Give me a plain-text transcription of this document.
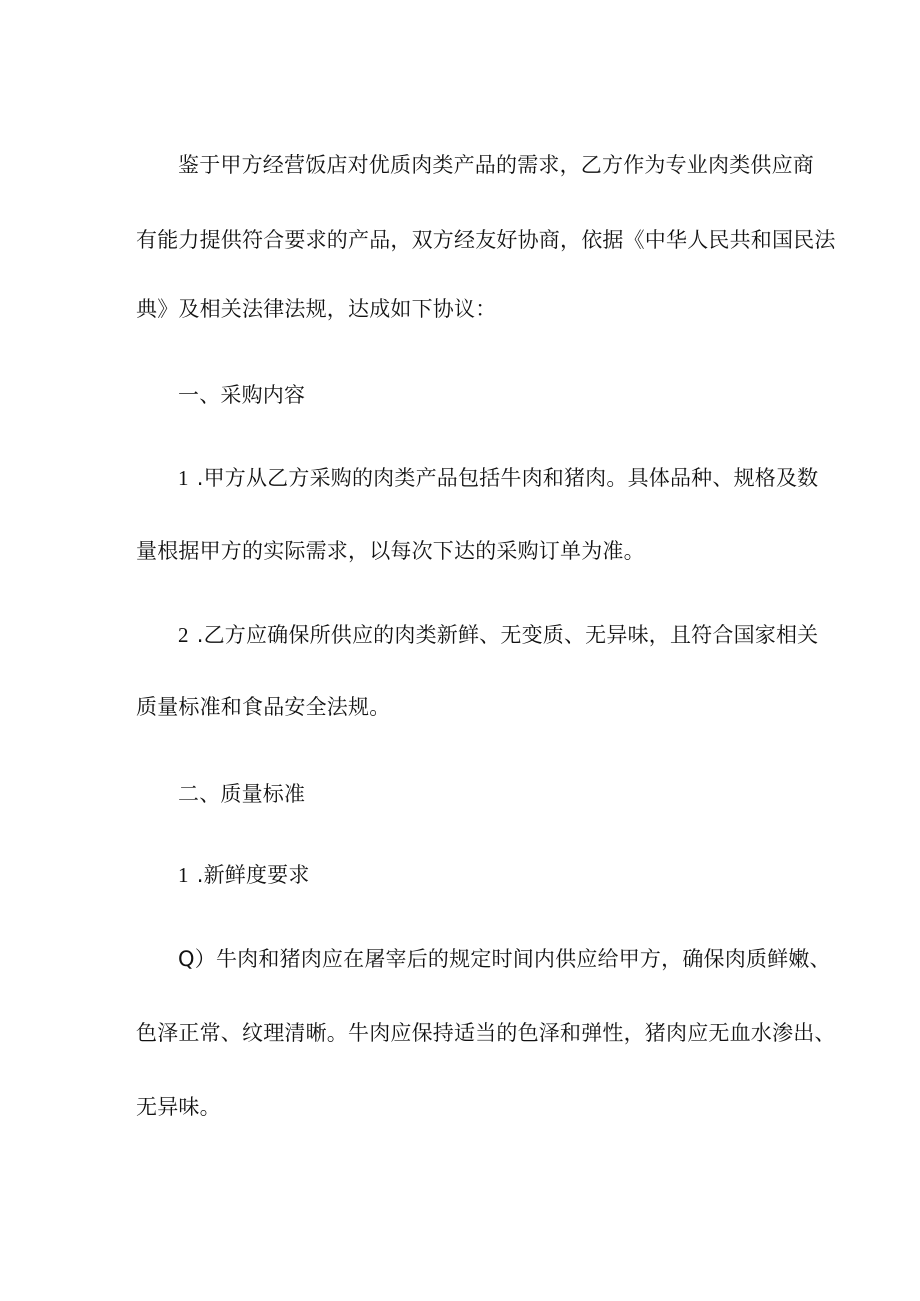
鉴于甲方经营饭店对优质肉类产品的需求，乙方作为专业肉类供应商
有能力提供符合要求的产品，双方经友好协商，依据《中华人民共和国民法
典》及相关法律法规，达成如下协议：
一、采购内容
1 .甲方从乙方采购的肉类产品包括牛肉和猪肉。具体品种、规格及数
量根据甲方的实际需求，以每次下达的采购订单为准。
2 .乙方应确保所供应的肉类新鲜、无变质、无异味，且符合国家相关
质量标准和食品安全法规。
二、质量标准
1 .新鲜度要求
Q）牛肉和猪肉应在屠宰后的规定时间内供应给甲方，确保肉质鲜嫩、
色泽正常、纹理清晰。牛肉应保持适当的色泽和弹性，猪肉应无血水渗出、
无异味。
